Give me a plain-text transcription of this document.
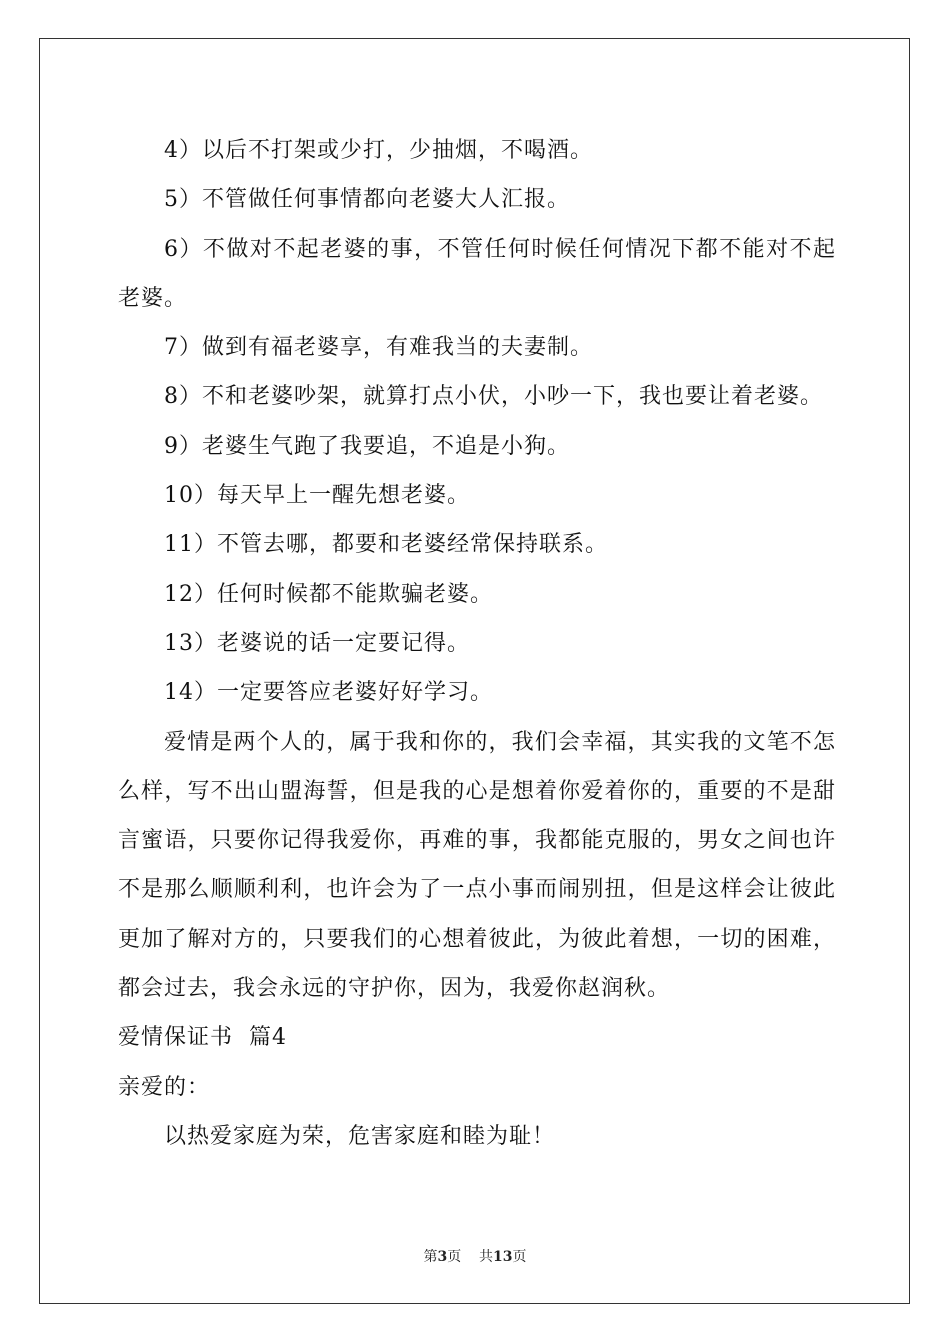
4）以后不打架或少打，少抽烟，不喝酒。

5）不管做任何事情都向老婆大人汇报。

6）不做对不起老婆的事，不管任何时候任何情况下都不能对不起老婆。

7）做到有福老婆享，有难我当的夫妻制。

8）不和老婆吵架，就算打点小伏，小吵一下，我也要让着老婆。

9）老婆生气跑了我要追，不追是小狗。

10）每天早上一醒先想老婆。

11）不管去哪，都要和老婆经常保持联系。

12）任何时候都不能欺骗老婆。

13）老婆说的话一定要记得。

14）一定要答应老婆好好学习。

爱情是两个人的，属于我和你的，我们会幸福，其实我的文笔不怎么样，写不出山盟海誓，但是我的心是想着你爱着你的，重要的不是甜言蜜语，只要你记得我爱你，再难的事，我都能克服的，男女之间也许不是那么顺顺利利，也许会为了一点小事而闹别扭，但是这样会让彼此更加了解对方的，只要我们的心想着彼此，为彼此着想，一切的困难，都会过去，我会永远的守护你，因为，我爱你赵润秋。

爱情保证书  篇4

亲爱的：

以热爱家庭为荣，危害家庭和睦为耻！

第3页 共13页
